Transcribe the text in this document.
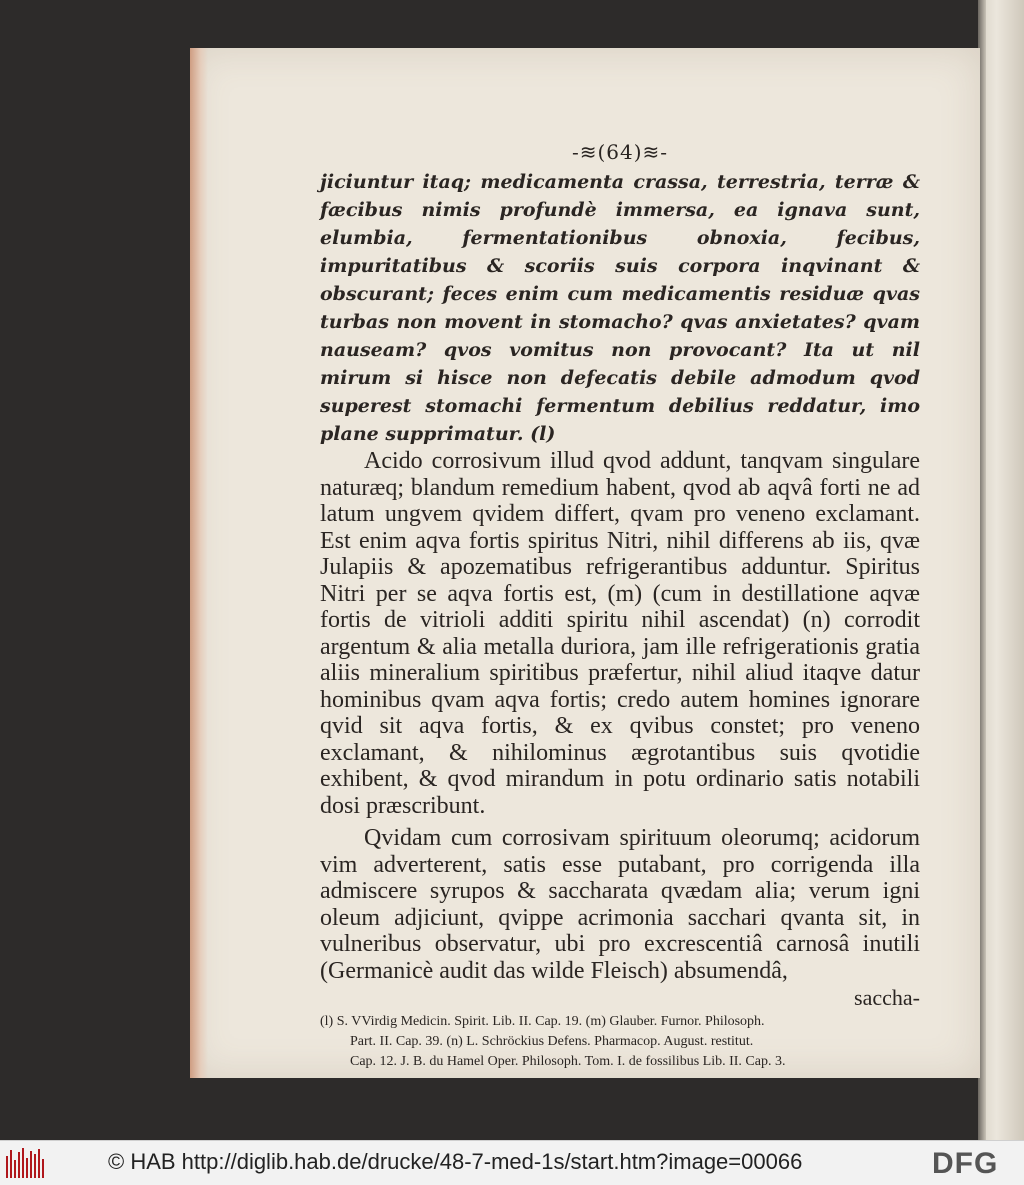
-≋(64)≋-

jiciuntur itaq; medicamenta crassa, terrestria, terræ & fæcibus nimis profundè immersa, ea ignava sunt, elumbia, fermentationibus obnoxia, fecibus, impuritatibus & scoriis suis corpora inqvinant & obscurant; feces enim cum medicamentis residuæ qvas turbas non movent in stomacho? qvas anxietates? qvam nauseam? qvos vomitus non provocant? Ita ut nil mirum si hisce non defecatis debile admodum qvod superest stomachi fermentum debilius reddatur, imo plane supprimatur. (l)

Acido corrosivum illud qvod addunt, tanqvam singulare naturæq; blandum remedium habent, qvod ab aqvâ forti ne ad latum ungvem qvidem differt, qvam pro veneno exclamant. Est enim aqva fortis spiritus Nitri, nihil differens ab iis, qvæ Julapiis & apozematibus refrigerantibus adduntur. Spiritus Nitri per se aqva fortis est, (m) (cum in destillatione aqvæ fortis de vitrioli additi spiritu nihil ascendat) (n) corrodit argentum & alia metalla duriora, jam ille refrigerationis gratia aliis mineralium spiritibus præfertur, nihil aliud itaqve datur hominibus qvam aqva fortis; credo autem homines ignorare qvid sit aqva fortis, & ex qvibus constet; pro veneno exclamant, & nihilominus ægrotantibus suis qvotidie exhibent, & qvod mirandum in potu ordinario satis notabili dosi præscribunt.

Qvidam cum corrosivam spirituum oleorumq; acidorum vim adverterent, satis esse putabant, pro corrigenda illa admiscere syrupos & saccharata qvædam alia; verum igni oleum adjiciunt, qvippe acrimonia sacchari qvanta sit, in vulneribus observatur, ubi pro excrescentiâ carnosâ inutili (Germanicè audit das wilde Fleisch) absumendâ,

saccha-
(l) S. VVirdig Medicin. Spirit. Lib. II. Cap. 19. (m) Glauber. Furnor. Philosoph.
Part. II. Cap. 39. (n) L. Schröckius Defens. Pharmacop. August. restitut.
Cap. 12. J. B. du Hamel Oper. Philosoph. Tom. I. de fossilibus Lib. II. Cap. 3.
© HAB http://diglib.hab.de/drucke/48-7-med-1s/start.htm?image=00066	DFG
